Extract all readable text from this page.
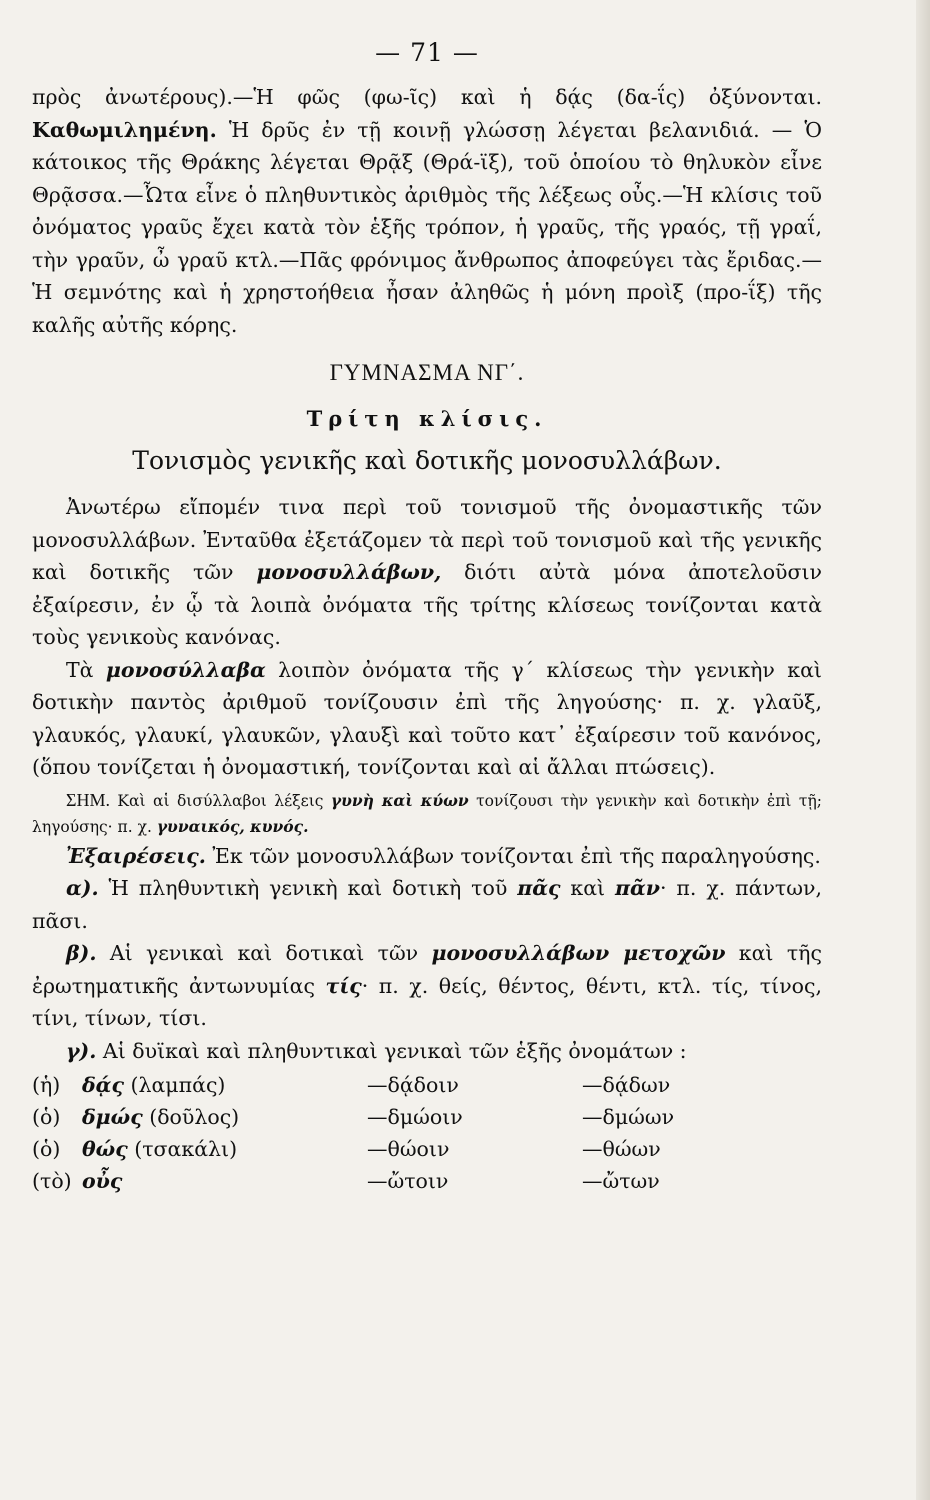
— 71 —

πρὸς ἀνωτέρους).—Ἡ φῶς (φω-ῖς) καὶ ἡ δᾴς (δα-ΐς) ὀξύνονται. Καθωμιλημένη. Ἡ δρῦς ἐν τῇ κοινῇ γλώσσῃ λέγεται βελανιδιά. — Ὁ κάτοικος τῆς Θράκης λέγεται Θρᾷξ (Θρά-ϊξ), τοῦ ὁποίου τὸ θηλυκὸν εἶνε Θρᾷσσα.—Ὦτα εἶνε ὁ πληθυντικὸς ἀριθμὸς τῆς λέξεως οὖς.—Ἡ κλίσις τοῦ ὀνόματος γραῦς ἔχει κατὰ τὸν ἑξῆς τρόπον, ἡ γραῦς, τῆς γραός, τῇ γραΐ, τὴν γραῦν, ὦ γραῦ κτλ.—Πᾶς φρόνιμος ἄνθρωπος ἀποφεύγει τὰς ἔριδας.—Ἡ σεμνότης καὶ ἡ χρηστοήθεια ἦσαν ἀληθῶς ἡ μόνη προὶξ (προ-ΐξ) τῆς καλῆς αὐτῆς κόρης.

ΓΥΜΝΑΣΜΑ ΝΓ΄.
Τρίτη κλίσις.
Τονισμὸς γενικῆς καὶ δοτικῆς μονοσυλλάβων.

Ἀνωτέρω εἴπομέν τινα περὶ τοῦ τονισμοῦ τῆς ὀνομαστικῆς τῶν μονοσυλλάβων. Ἐνταῦθα ἐξετάζομεν τὰ περὶ τοῦ τονισμοῦ καὶ τῆς γενικῆς καὶ δοτικῆς τῶν μονοσυλλάβων, διότι αὐτὰ μόνα ἀποτελοῦσιν ἐξαίρεσιν, ἐν ᾧ τὰ λοιπὰ ὀνόματα τῆς τρίτης κλίσεως τονίζονται κατὰ τοὺς γενικοὺς κανόνας.

Τὰ μονοσύλλαβα λοιπὸν ὀνόματα τῆς γ΄ κλίσεως τὴν γενικὴν καὶ δοτικὴν παντὸς ἀριθμοῦ τονίζουσιν ἐπὶ τῆς ληγούσης· π. χ. γλαῦξ, γλαυκός, γλαυκί, γλαυκῶν, γλαυξὶ καὶ τοῦτο κατ᾿ ἐξαίρεσιν τοῦ κανόνος, (ὅπου τονίζεται ἡ ὀνομαστική, τονίζονται καὶ αἱ ἄλλαι πτώσεις).

ΣΗΜ. Καὶ αἱ δισύλλαβοι λέξεις γυνὴ καὶ κύων τονίζουσι τὴν γενικὴν καὶ δοτικὴν ἐπὶ τῇ; ληγούσης· π. χ. γυναικός, κυνός.

Ἐξαιρέσεις. Ἐκ τῶν μονοσυλλάβων τονίζονται ἐπὶ τῆς παραληγούσης.

α). Ἡ πληθυντικὴ γενικὴ καὶ δοτικὴ τοῦ πᾶς καὶ πᾶν· π. χ. πάντων, πᾶσι.

β). Αἱ γενικαὶ καὶ δοτικαὶ τῶν μονοσυλλάβων μετοχῶν καὶ τῆς ἐρωτηματικῆς ἀντωνυμίας τίς· π. χ. θείς, θέντος, θέντι, κτλ. τίς, τίνος, τίνι, τίνων, τίσι.

γ). Αἱ δυϊκαὶ καὶ πληθυντικαὶ γενικαὶ τῶν ἑξῆς ὀνομάτων :

(ἡ)	δᾴς (λαμπάς)	—δᾴδοιν	—δᾴδων
(ὁ)	δμώς (δοῦλος)	—δμώοιν	—δμώων
(ὁ)	θώς (τσακάλι)	—θώοιν	—θώων
(τὸ)	οὖς	—ὤτοιν	—ὤτων
